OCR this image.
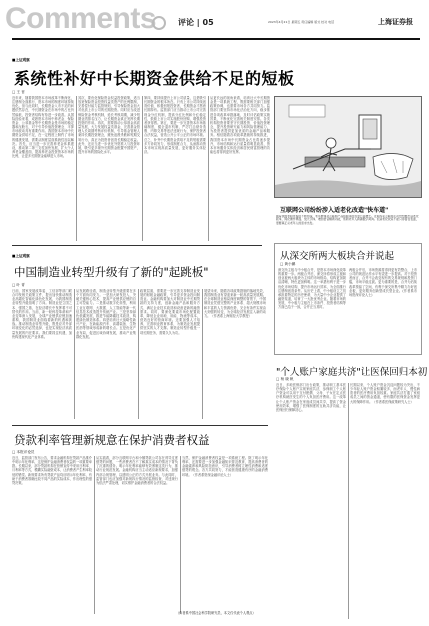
Comments	评论 | 05	2023年4月21日 星期五 责任编辑 版式 校对 电话	上海证券报
■上证观察
系统性补好中长期资金供给不足的短板
□ 王 晋
近年来，随着我国资本市场改革不断深化，注册制全面推行，资本市场的制度环境持续优化。但与此同时，长期资金入市不足的问题依然存在，中长期资金在市场中的占比仍然偏低，投资者结构有待进一步改善。从国际经验来看，成熟资本市场中养老金、保险资金、公募基金等中长期资金是市场的稳定器和压舱石，对于引导价值投资理念、平抑市场波动具有重要作用。我国资本市场中长期资金供给不足，在一定程度上制约了市场的健康发展，需要从制度层面系统性加以解决。首先，应当进一步完善养老金体系建设，推动第二第三支柱加快发展，扩大个人养老金覆盖面，提高养老金投资资本市场的比例，让更多长期资金能够进入市场。
其次，要优化保险资金权益投资政策，适当放宽保险资金投资权益类资产的比例限制，完善偿付能力监管规则，引导保险资金加大对优质上市公司的长期投资。同时应当改进保险资金考核机制，延长考核周期，减少短期业绩排名压力，让长期资金真正发挥长期投资的作用。再次，需要推动公募基金高质量发展，大力发展权益类基金，完善基金管理人长周期考核评价机制，引导基金管理人秉持长期投资理念，避免追涨杀跌和短期交易行为，真正为投资者创造长期稳定收益。此外，还应当进一步优化外资准入与投资环境，吸引更多境外长期资金配置中国资产，提升市场的国际化水平。
第四，要持续提升上市公司质量，这是吸引长期资金的根本所在。只有上市公司持续创造价值、积极回报投资者，长期资金才愿意长期持有。监管部门应当推动上市公司完善现金分红机制，提高分红比例和分红稳定性，鼓励上市公司实施股份回购，增强投资者获得感。第五，要进一步完善资本市场基础制度，健全退市机制，严厉打击财务造假、内幕交易等违法违规行为，保护投资者合法权益，营造公开公平公正的市场环境。总之，补齐中长期资金供给不足的短板需要多方协同发力，形成制度合力，从而推动资本市场实现高质量发展，更好服务实体经济。
从更长远的视角来看，培育壮大中长期资金是一项系统工程，既需要相关部门加强政策协调，也需要市场各方共同努力。监管部门要坚持市场化法治化方向，稳步推进各项改革举措落地，及时评估政策实施效果，不断优化完善相关制度安排。各类机构投资者要坚守长期投资、价值投资理念，提升投资研究能力和风险管理能力，为投资者提供更加优质的金融产品和服务。相信随着各项改革措施的持续推进，我国资本市场中长期资金占比将逐步提升，市场结构和运行质量将明显改善，资本市场服务实体经济和居民财富管理的功能也将得到更好发挥。
互联网公司纷纷涉入适老化改造"快车道"
随着我国老龄化程度不断加深，老年群体对互联网产品和服务的需求日益增长。近期多家互联网公司纷纷推出适老化版本，简化操作界面、放大字体、增加语音辅助功能，帮助老年人跨越数字鸿沟。但适老化改造不能只停留在表面，更要真正从老年人的需求出发。
从深交所两大板块合并说起
□ 黄小鹏
深交所主板与中小板合并，是资本市场深化改革的重要一步。两板合并后，深交所将形成主板和创业板两大板块为主体的市场格局，结构更加简洁清晰，特色更加鲜明。这一举措有利于进一步优化市场结构，提升市场运行效率，为全面推行注册制创造条件。从历史上看，中小板设立之初承担着特定的历史使命，为大量中小企业提供了融资渠道，培育了一大批优秀企业。随着市场的发展，中小板与主板在上市条件、投资者结构等方面已趋于一致，合并正当其时。
两板合并后，市场资源将得到更有效整合，上市公司的规范运作水平有望进一步提高。对于投资者而言，合并不会改变现有的交易规则和投资门槛，市场平稳过渡。更为重要的是，合并为后续改革预留了空间，有利于深交所集中精力办好创业板，更好服务创新型成长型企业。(作者系市场资深评论人士)
■上证观察
中国制造业转型升级有了新的"起跳板"
□ 叶 青
日前，国家发展改革委、工信部等部门联合印发相关政策文件，提出加快推动制造业高端化智能化绿色化发展，为我国制造业转型升级指明了方向。制造业是立国之本、强国之基，在经济增长中发挥着不可替代的作用。当前，新一轮科技革命和产业变革深入发展，全球产业链供应链加速重构，我国制造业面临着新的机遇和挑战。推动制造业转型升级，既是应对外部环境变化的必然选择，也是实现经济高质量发展的内在要求。我们要抓住机遇，加快构建现代化产业体系。
从发展路径看，制造业转型升级需要在多个方面协同发力。一是加大研发投入，突破关键核心技术，提高产业链供应链的自主可控能力。二是推动数字化转型，利用工业互联网、大数据、人工智能等新一代信息技术改造提升传统产业。三是坚持绿色低碳发展，推进节能降碳技术改造，构建绿色制造体系。四是培育壮大战略性新兴产业，在新能源汽车、高端装备、生物医药等领域形成新的增长点。五是优化产业布局，促进区域协调发展，推动产业集群化发展。
政策层面，需要进一步完善支持制造业发展的财税金融政策，引导更多资金投向制造业。金融机构要加大对制造业中长期贷款的支持力度，创新金融产品和服务方式，满足企业技术改造和设备更新的融资需求。同时，要深化要素市场化配置改革，降低企业用地、用能、物流等成本，营造良好的营商环境。还要加强人才培养，完善职业教育体系，为制造业发展提供坚实的人才支撑。制造业转型升级是一项长期任务，需要久久为功。
展望未来，随着各项政策措施的落地见效，我国制造业有望迎来新一轮高质量发展期。在全球制造业格局深度调整的背景下，中国制造业凭借完整的产业体系、超大规模市场和丰富的人力资源优势，完全有条件实现由大到强的转变，为全球经济发展注入新的动力。（作者系上海财经大学教授）
"个人账户家庭共济"让医保回归本初
□ 杨 晓 帆
近日，多地医保部门出台政策，推动职工基本医疗保险个人账户实现家庭共济，参保职工个人账户资金可以用于支付配偶、父母、子女在定点医疗机构就医发生的个人负担医疗费用。这一改革让个人账户资金在家庭成员间共享，提高了资金使用效率，增强了医保制度的互助共济功能，让医保回归保障初心。
长期以来，个人账户资金沉淀问题较为突出，不少年轻人账户资金积累较多，而老年人、慢性病患者的医疗费用负担较重。家庭共济打通了家庭成员之间的资金通道，使有限的医保资金发挥更大的保障作用。（作者系医保政策研究人士）
贷款利率管理新规意在保护消费者权益
□ 本报评论员
近日，监管部门发布公告，要求金融机构在贷款产品推介中明示年化利率，这是保护金融消费者权益的一项重要举措。长期以来，部分贷款机构在营销宣传中采用日利率、月利率等方式，模糊实际融资成本，让消费者产生利率较低的错觉。新规要求所有贷款产品均应明示年化利率，有助于消费者准确比较不同产品的实际成本，作出理性的借贷决策。
从实践看，部分互联网平台和小额贷款公司存在诱导过度借贷的问题，一些消费者在不了解真实成本的情况下背负了沉重的债务。明示年化利率能够有效遏制这类行为，推动行业规范发展。金融机构应当主动适应新规要求，加强内部合规管理，以透明公正的方式开展业务。与此同时，监管部门也应加强对新规执行情况的监督检查，对违规行为依法严肃处理，切实维护金融消费者的合法权益。
当然，保护金融消费者权益是一项系统工程。除了明示年化利率，还需要进一步加强金融知识普及教育，提高消费者的金融素养和风险防范意识，引导消费者树立理性消费和适度借贷的观念。各方共同努力，才能营造健康有序的金融消费环境。（作者系资深金融评论人士）
（作者系中国社会科学院研究员，本文仅代表个人观点）
